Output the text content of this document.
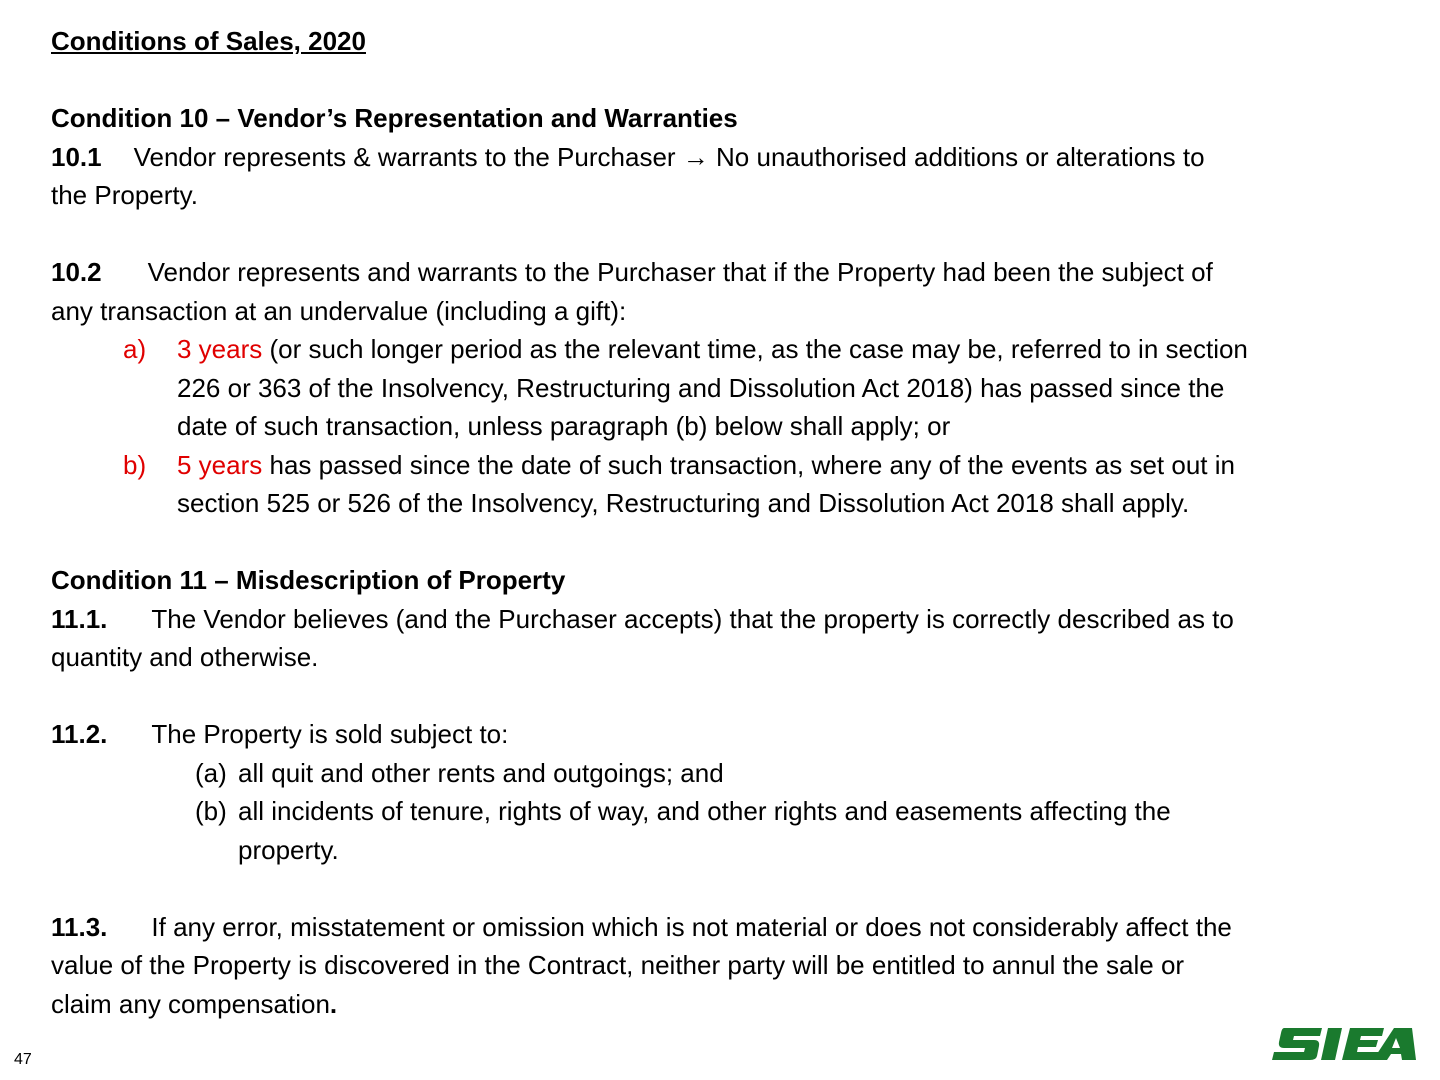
Conditions of Sales, 2020

Condition 10 – Vendor’s Representation and Warranties

10.1 Vendor represents & warrants to the Purchaser → No unauthorised additions or alterations to

the Property.

10.2 Vendor represents and warrants to the Purchaser that if the Property had been the subject of

any transaction at an undervalue (including a gift):

a) 3 years (or such longer period as the relevant time, as the case may be, referred to in section

226 or 363 of the Insolvency, Restructuring and Dissolution Act 2018) has passed since the

date of such transaction, unless paragraph (b) below shall apply; or

b) 5 years has passed since the date of such transaction, where any of the events as set out in

section 525 or 526 of the Insolvency, Restructuring and Dissolution Act 2018 shall apply.

Condition 11 – Misdescription of Property

11.1. The Vendor believes (and the Purchaser accepts) that the property is correctly described as to

quantity and otherwise.

11.2. The Property is sold subject to:

(a) all quit and other rents and outgoings; and

(b) all incidents of tenure, rights of way, and other rights and easements affecting the

property.

11.3. If any error, misstatement or omission which is not material or does not considerably affect the

value of the Property is discovered in the Contract, neither party will be entitled to annul the sale or

claim any compensation.

47
